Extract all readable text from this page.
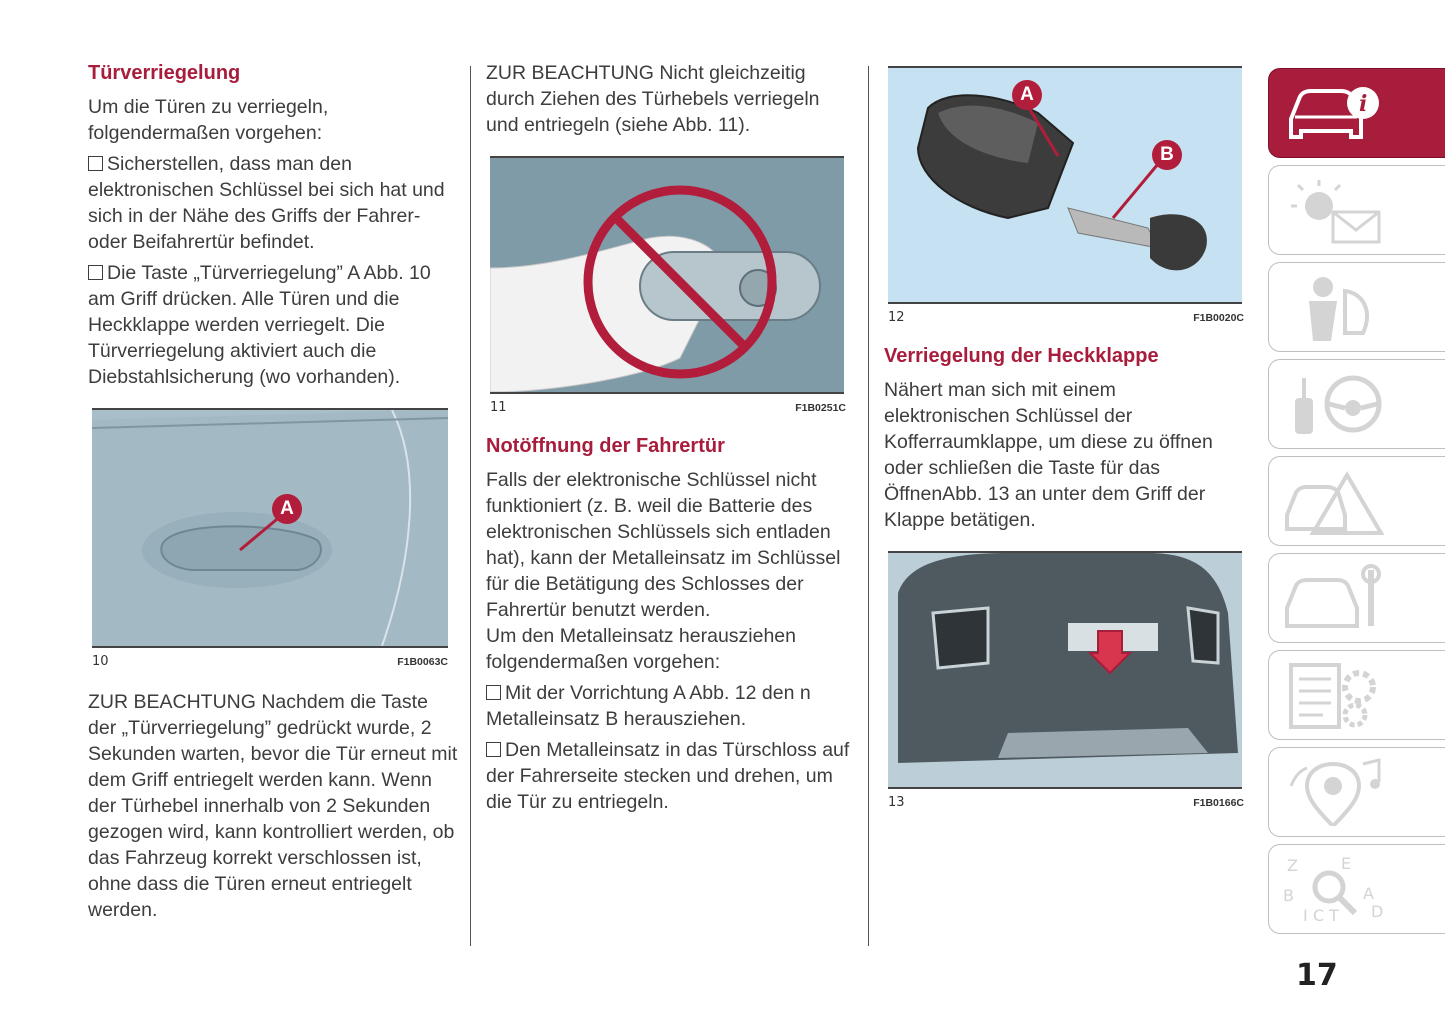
Türverriegelung

Um die Türen zu verriegeln, folgendermaßen vorgehen:

Sicherstellen, dass man den elektronischen Schlüssel bei sich hat und sich in der Nähe des Griffs der Fahrer- oder Beifahrertür befindet.

Die Taste „Türverriegelung” A Abb. 10 am Griff drücken. Alle Türen und die Heckklappe werden verriegelt. Die Türverriegelung aktiviert auch die Diebstahlsicherung (wo vorhanden).

A
10	F1B0063C

ZUR BEACHTUNG Nachdem die Taste der „Türverriegelung” gedrückt wurde, 2 Sekunden warten, bevor die Tür erneut mit dem Griff entriegelt werden kann. Wenn der Türhebel innerhalb von 2 Sekunden gezogen wird, kann kontrolliert werden, ob das Fahrzeug korrekt verschlossen ist, ohne dass die Türen erneut entriegelt werden.

ZUR BEACHTUNG Nicht gleichzeitig durch Ziehen des Türhebels verriegeln und entriegeln (siehe Abb. 11).

11	F1B0251C
Notöffnung der Fahrertür

Falls der elektronische Schlüssel nicht funktioniert (z. B. weil die Batterie des elektronischen Schlüssels sich entladen hat), kann der Metalleinsatz im Schlüssel für die Betätigung des Schlosses der Fahrertür benutzt werden.

Um den Metalleinsatz herausziehen folgendermaßen vorgehen:

Mit der Vorrichtung A Abb. 12 den n Metalleinsatz B herausziehen.

Den Metalleinsatz in das Türschloss auf der Fahrerseite stecken und drehen, um die Tür zu entriegeln.

A
B
12	F1B0020C
Verriegelung der Heckklappe

Nähert man sich mit einem elektronischen Schlüssel der Kofferraumklappe, um diese zu öffnen oder schließen die Taste für das ÖffnenAbb. 13 an unter dem Griff der Klappe betätigen.

13	F1B0166C
i
Z	E
B	A
I C T D
17
